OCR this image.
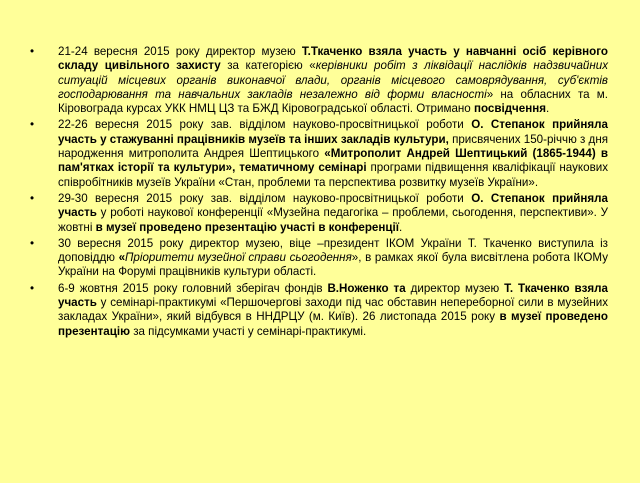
• 21-24 вересня 2015 року директор музею Т.Ткаченко взяла участь у навчанні осіб керівного складу цивільного захисту за категорією «керівники робіт з ліквідації наслідків надзвичайних ситуацій місцевих органів виконавчої влади, органів місцевого самоврядування, суб'єктів господарювання та навчальних закладів незалежно від форми власності» на обласних та м. Кіровограда курсах УКК НМЦ ЦЗ та БЖД Кіровоградської області. Отримано посвідчення.
• 22-26 вересня 2015 року зав. відділом науково-просвітницької роботи О. Степанок прийняла участь у стажуванні працівників музеїв та інших закладів культури, присвячених 150-річчю з дня народження митрополита Андрея Шептицького «Митрополит Андрей Шептицький (1865-1944) в пам'ятках історії та культури», тематичному семінарі програми підвищення кваліфікації наукових співробітників музеїв України «Стан, проблеми та перспектива розвитку музеїв України».
• 29-30 вересня 2015 року зав. відділом науково-просвітницької роботи О. Степанок прийняла участь у роботі наукової конференції «Музейна педагогіка – проблеми, сьогодення, перспективи». У жовтні в музеї проведено презентацію участі в конференції.
• 30 вересня 2015 року директор музею, віце –президент ІКОМ України Т. Ткаченко виступила із доповіддю «Пріоритети музейної справи сьогодення», в рамках якої була висвітлена робота ІКОМу України на Форумі працівників культури області.
• 6-9 жовтня 2015 року головний зберігач фондів В.Ноженко та директор музею Т. Ткаченко взяла участь у семінарі-практикумі «Першочергові заходи під час обставин непереборної сили в музейних закладах України», який відбувся в ННДРЦУ (м. Київ). 26 листопада 2015 року в музеї проведено презентацію за підсумками участі у семінарі-практикумі.
